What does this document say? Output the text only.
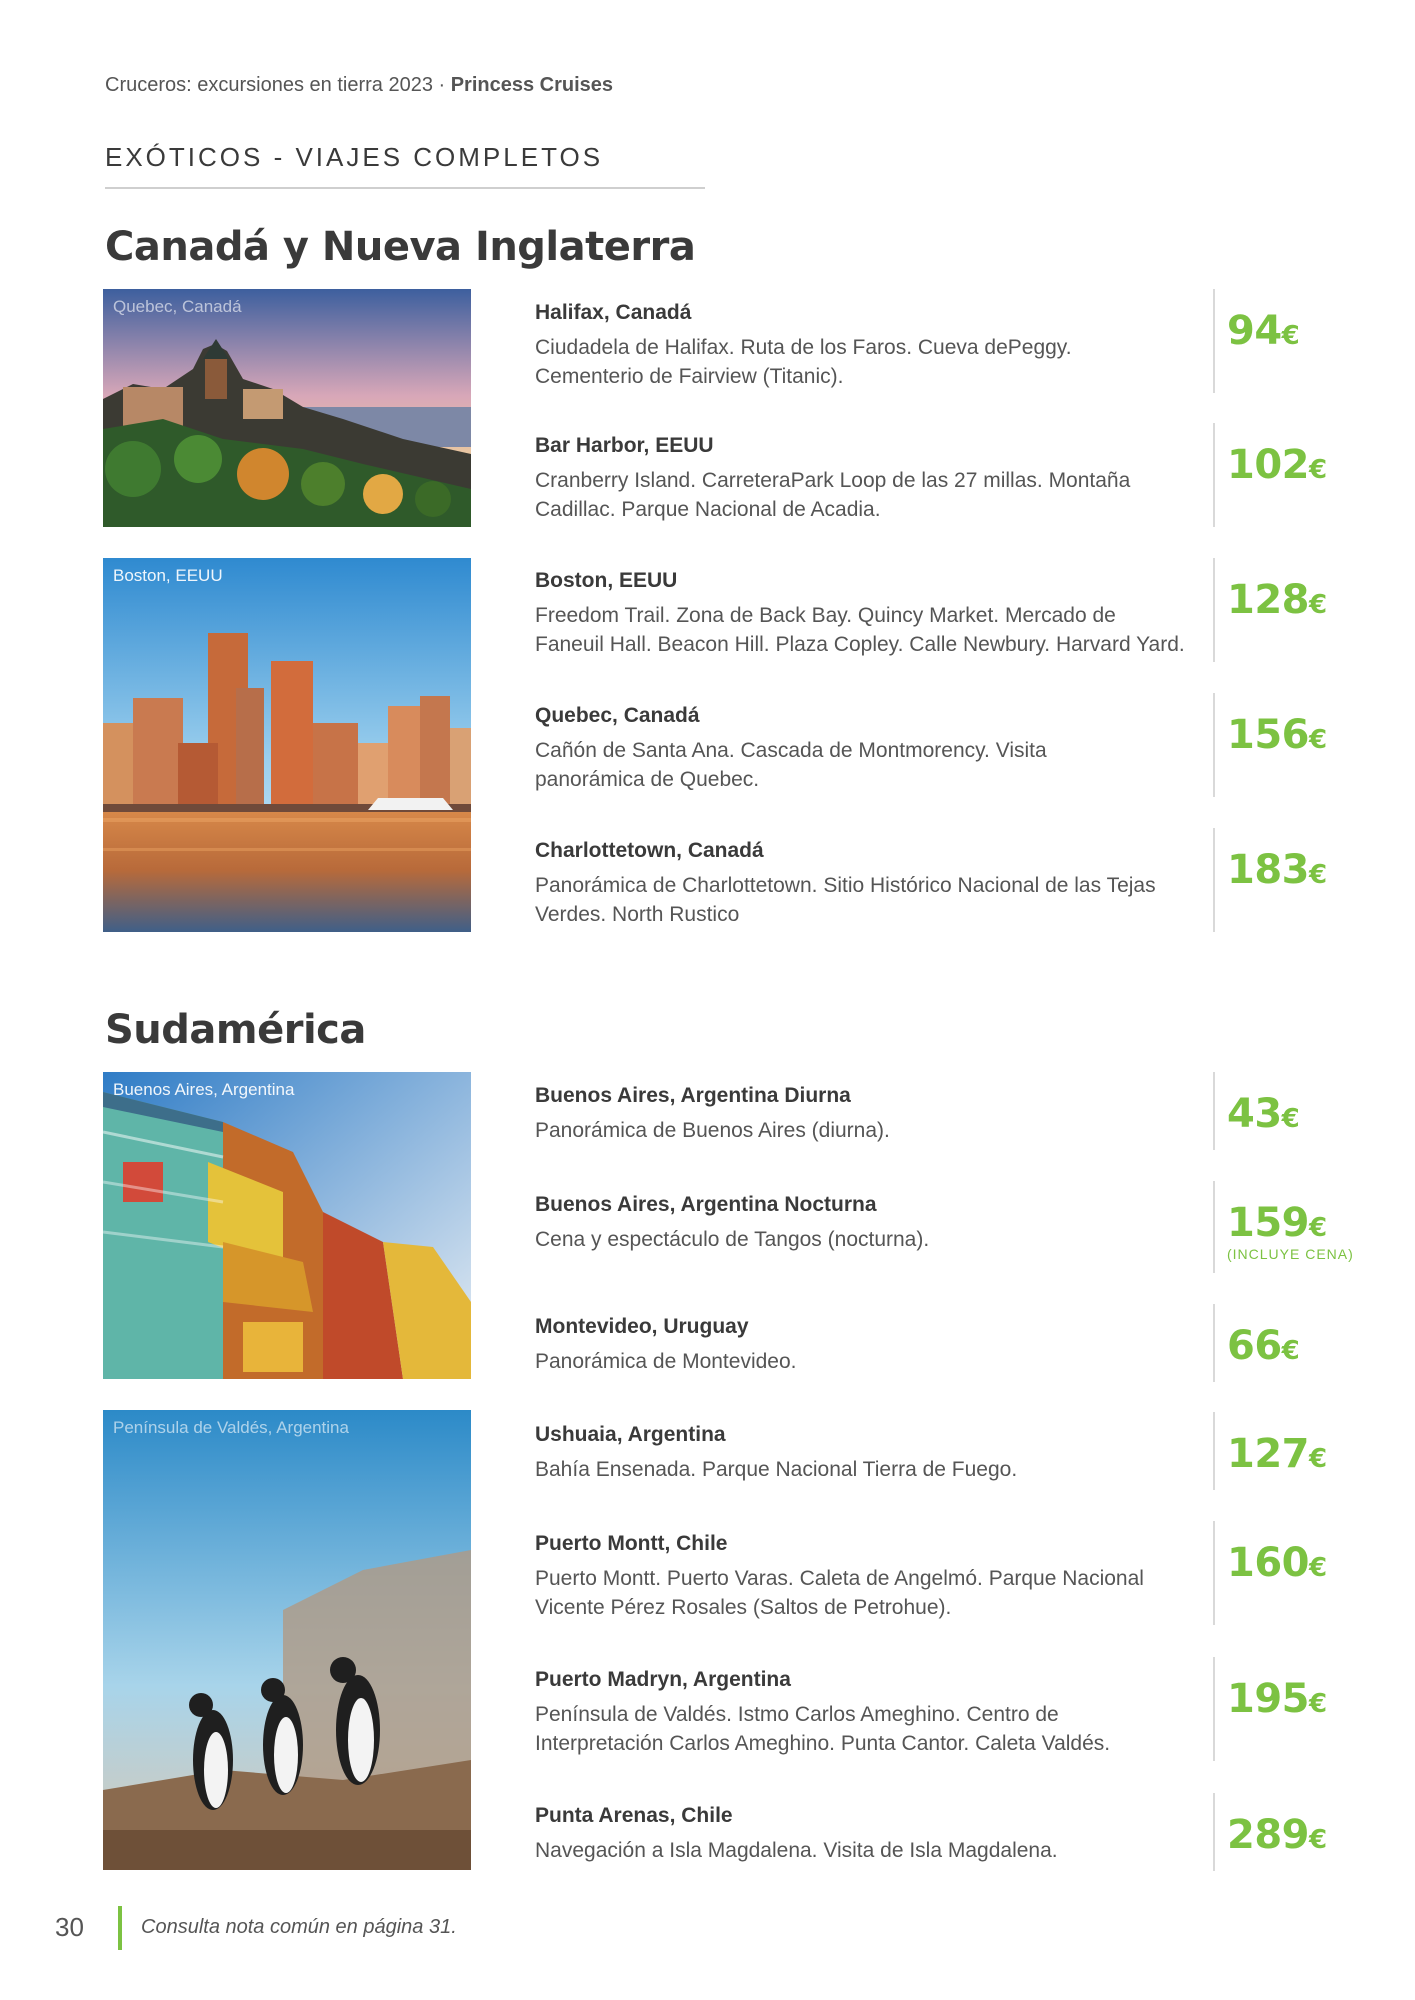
Cruceros: excursiones en tierra 2023 · Princess Cruises
EXÓTICOS - VIAJES COMPLETOS
Canadá y Nueva Inglaterra
Quebec, Canadá
Boston, EEUU
Halifax, Canadá
Ciudadela de Halifax. Ruta de los Faros. Cueva dePeggy.
Cementerio de Fairview (Titanic).
94€
Bar Harbor, EEUU
Cranberry Island. CarreteraPark Loop de las 27 millas. Montaña
Cadillac. Parque Nacional de Acadia.
102€
Boston, EEUU
Freedom Trail. Zona de Back Bay. Quincy Market. Mercado de
Faneuil Hall. Beacon Hill. Plaza Copley. Calle Newbury. Harvard Yard.
128€
Quebec, Canadá
Cañón de Santa Ana. Cascada de Montmorency. Visita
panorámica de Quebec.
156€
Charlottetown, Canadá
Panorámica de Charlottetown. Sitio Histórico Nacional de las Tejas
Verdes. North Rustico
183€
Sudamérica
Buenos Aires, Argentina
Península de Valdés, Argentina
Buenos Aires, Argentina Diurna
Panorámica de Buenos Aires (diurna).	43€
Buenos Aires, Argentina Nocturna
Cena y espectáculo de Tangos (nocturna).	159€
(INCLUYE CENA)
Montevideo, Uruguay
Panorámica de Montevideo.	66€
Ushuaia, Argentina
Bahía Ensenada. Parque Nacional Tierra de Fuego.	127€
Puerto Montt, Chile
Puerto Montt. Puerto Varas. Caleta de Angelmó. Parque Nacional
Vicente Pérez Rosales (Saltos de Petrohue).
160€
Puerto Madryn, Argentina
Península de Valdés. Istmo Carlos Ameghino. Centro de
Interpretación Carlos Ameghino. Punta Cantor. Caleta Valdés.
195€
Punta Arenas, Chile
Navegación a Isla Magdalena. Visita de Isla Magdalena.	289€
30	Consulta nota común en página 31.
